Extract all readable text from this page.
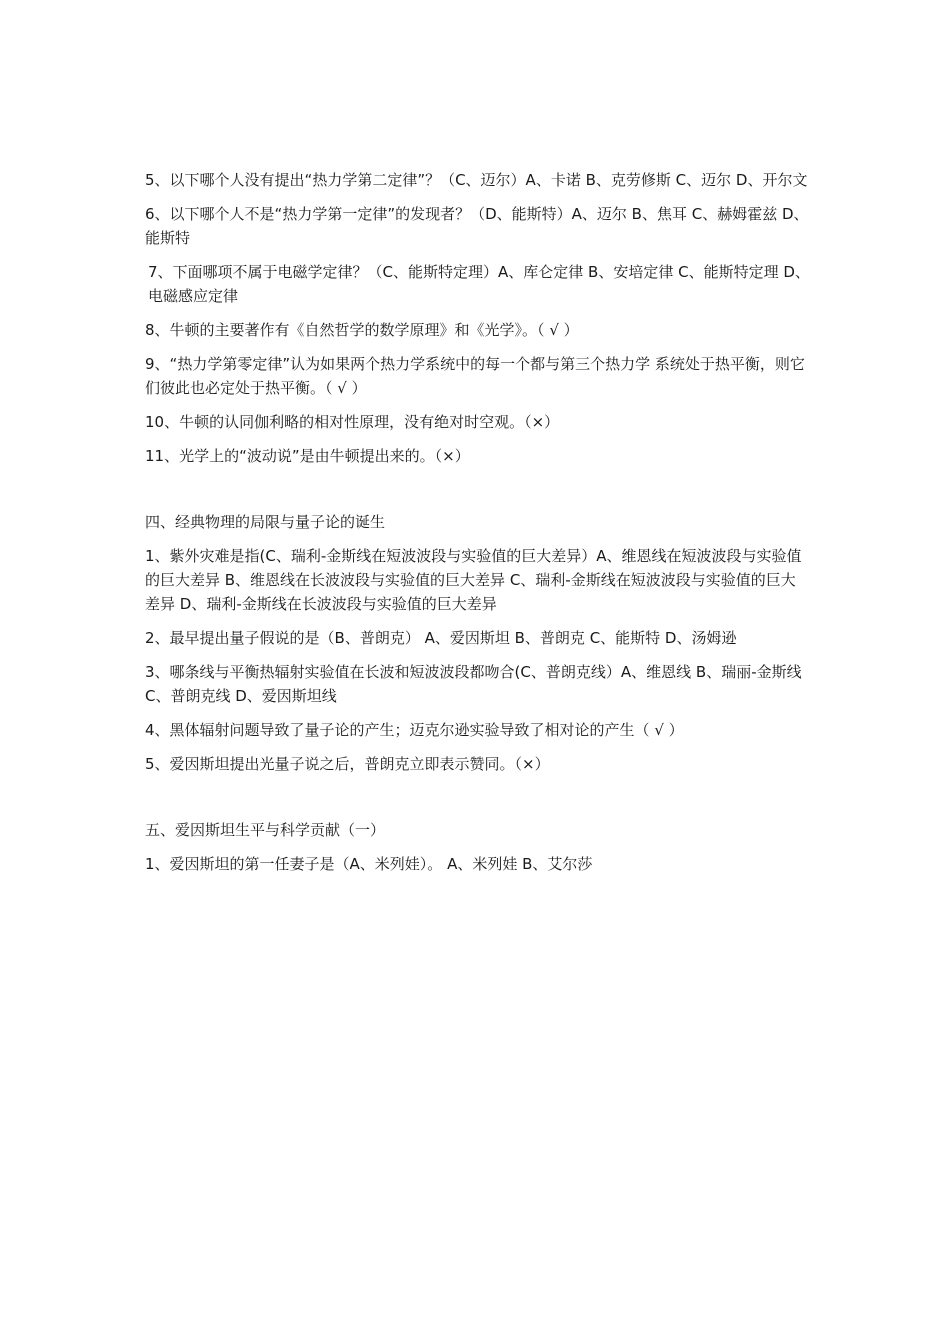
5、以下哪个人没有提出“热力学第二定律”？（C、迈尔）A、卡诺 B、克劳修斯 C、迈尔 D、开尔文

6、以下哪个人不是“热力学第一定律”的发现者？（D、能斯特）A、迈尔 B、焦耳 C、赫姆霍兹 D、能斯特

7、下面哪项不属于电磁学定律？（C、能斯特定理）A、库仑定律 B、安培定律 C、能斯特定理 D、电磁感应定律

8、牛顿的主要著作有《自然哲学的数学原理》和《光学》。（ √ ）

9、“热力学第零定律”认为如果两个热力学系统中的每一个都与第三个热力学 系统处于热平衡，则它们彼此也必定处于热平衡。（ √ ）

10、牛顿的认同伽利略的相对性原理，没有绝对时空观。（×）

11、光学上的“波动说”是由牛顿提出来的。（×）

四、经典物理的局限与量子论的诞生

1、紫外灾难是指(C、瑞利-金斯线在短波波段与实验值的巨大差异）A、维恩线在短波波段与实验值的巨大差异 B、维恩线在长波波段与实验值的巨大差异 C、瑞利-金斯线在短波波段与实验值的巨大差异 D、瑞利-金斯线在长波波段与实验值的巨大差异

2、最早提出量子假说的是（B、普朗克） A、爱因斯坦 B、普朗克 C、能斯特 D、汤姆逊

3、哪条线与平衡热辐射实验值在长波和短波波段都吻合(C、普朗克线）A、维恩线 B、瑞丽-金斯线 C、普朗克线 D、爱因斯坦线

4、黑体辐射问题导致了量子论的产生；迈克尔逊实验导致了相对论的产生（ √ ）

5、爱因斯坦提出光量子说之后，普朗克立即表示赞同。（×）

五、爱因斯坦生平与科学贡献（一）

1、爱因斯坦的第一任妻子是（A、米列娃）。 A、米列娃 B、艾尔莎
